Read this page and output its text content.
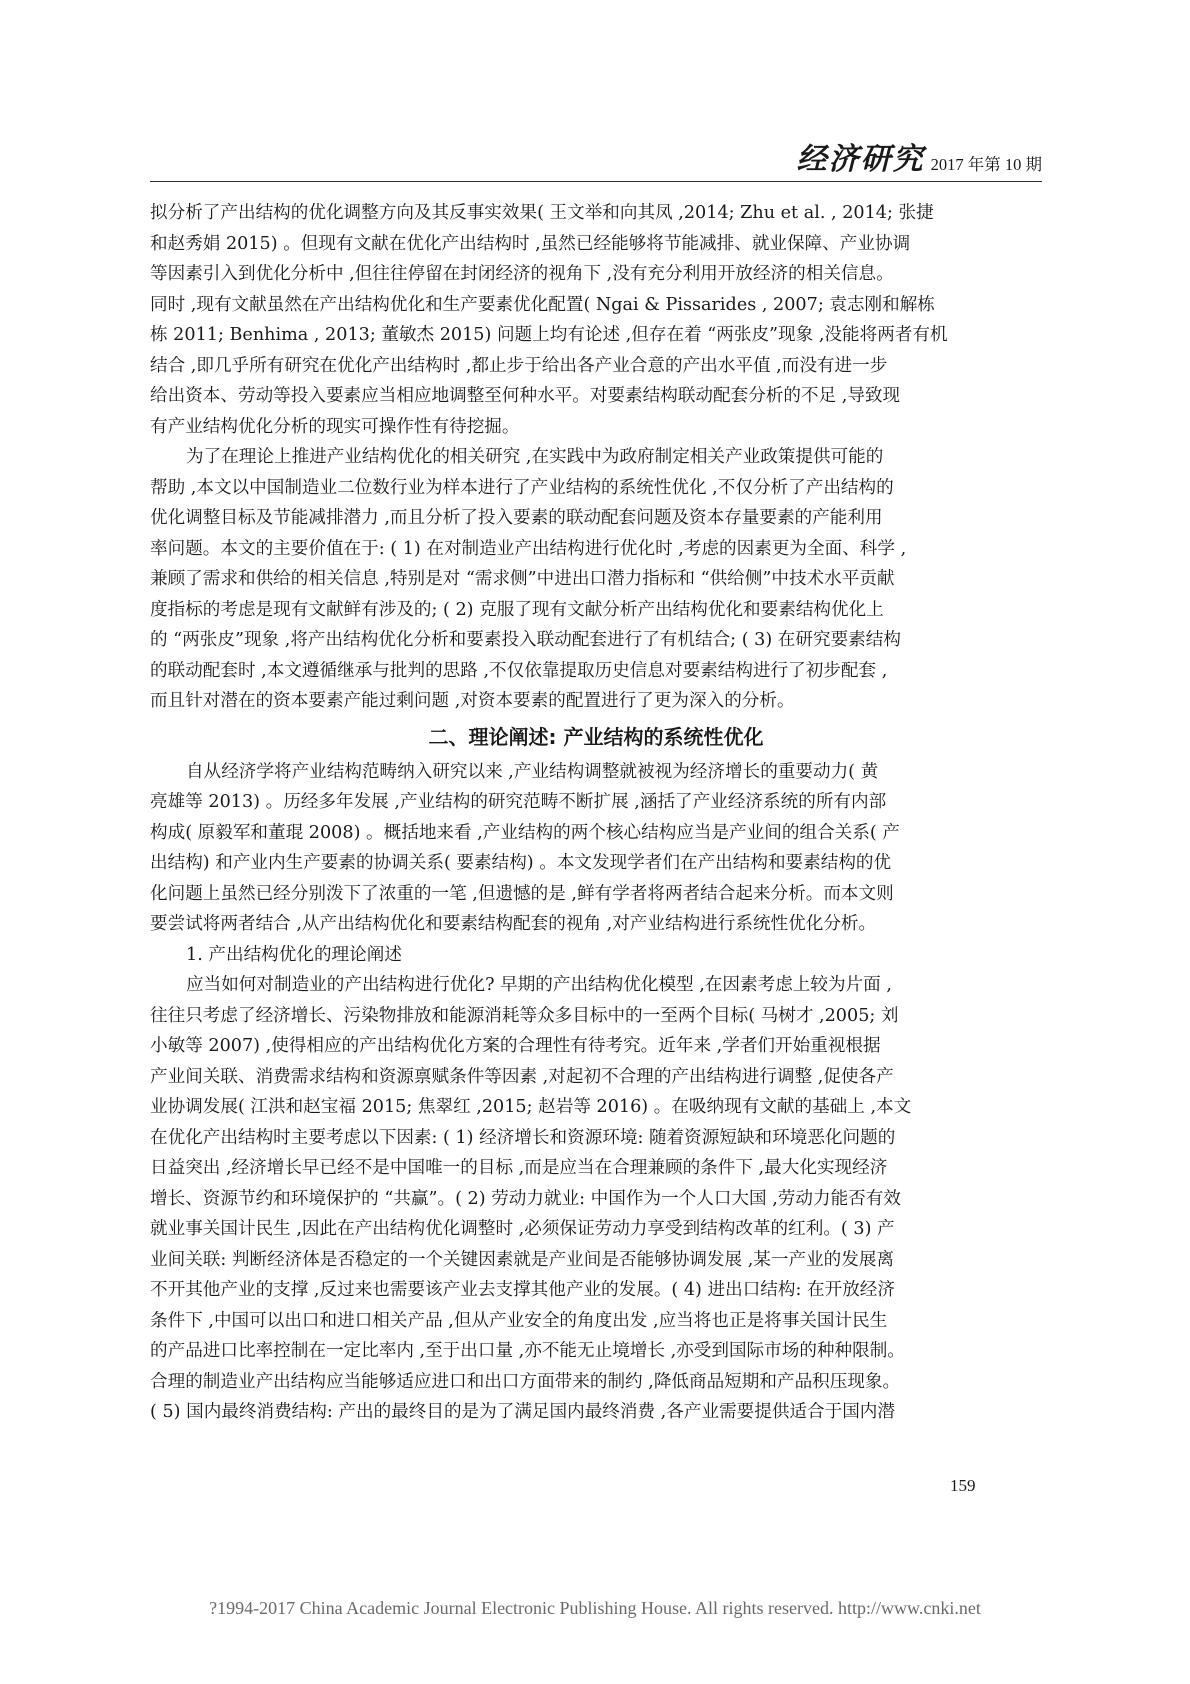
经济研究 2017 年第 10 期
拟分析了产出结构的优化调整方向及其反事实效果( 王文举和向其凤 ,2014; Zhu et al. , 2014; 张捷
和赵秀娟 2015) 。但现有文献在优化产出结构时 ,虽然已经能够将节能减排、就业保障、产业协调
等因素引入到优化分析中 ,但往往停留在封闭经济的视角下 ,没有充分利用开放经济的相关信息。
同时 ,现有文献虽然在产出结构优化和生产要素优化配置( Ngai & Pissarides , 2007; 袁志刚和解栋
栋 2011; Benhima , 2013; 董敏杰 2015) 问题上均有论述 ,但存在着 “两张皮”现象 ,没能将两者有机
结合 ,即几乎所有研究在优化产出结构时 ,都止步于给出各产业合意的产出水平值 ,而没有进一步
给出资本、劳动等投入要素应当相应地调整至何种水平。对要素结构联动配套分析的不足 ,导致现
有产业结构优化分析的现实可操作性有待挖掘。
为了在理论上推进产业结构优化的相关研究 ,在实践中为政府制定相关产业政策提供可能的
帮助 ,本文以中国制造业二位数行业为样本进行了产业结构的系统性优化 ,不仅分析了产出结构的
优化调整目标及节能减排潜力 ,而且分析了投入要素的联动配套问题及资本存量要素的产能利用
率问题。本文的主要价值在于: ( 1) 在对制造业产出结构进行优化时 ,考虑的因素更为全面、科学 ,
兼顾了需求和供给的相关信息 ,特别是对 “需求侧”中进出口潜力指标和 “供给侧”中技术水平贡献
度指标的考虑是现有文献鲜有涉及的; ( 2) 克服了现有文献分析产出结构优化和要素结构优化上
的 “两张皮”现象 ,将产出结构优化分析和要素投入联动配套进行了有机结合; ( 3) 在研究要素结构
的联动配套时 ,本文遵循继承与批判的思路 ,不仅依靠提取历史信息对要素结构进行了初步配套 ,
而且针对潜在的资本要素产能过剩问题 ,对资本要素的配置进行了更为深入的分析。
二、理论阐述: 产业结构的系统性优化
自从经济学将产业结构范畴纳入研究以来 ,产业结构调整就被视为经济增长的重要动力( 黄
亮雄等 2013) 。历经多年发展 ,产业结构的研究范畴不断扩展 ,涵括了产业经济系统的所有内部
构成( 原毅军和董琨 2008) 。概括地来看 ,产业结构的两个核心结构应当是产业间的组合关系( 产
出结构) 和产业内生产要素的协调关系( 要素结构) 。本文发现学者们在产出结构和要素结构的优
化问题上虽然已经分别泼下了浓重的一笔 ,但遗憾的是 ,鲜有学者将两者结合起来分析。而本文则
要尝试将两者结合 ,从产出结构优化和要素结构配套的视角 ,对产业结构进行系统性优化分析。
1. 产出结构优化的理论阐述
应当如何对制造业的产出结构进行优化? 早期的产出结构优化模型 ,在因素考虑上较为片面 ,
往往只考虑了经济增长、污染物排放和能源消耗等众多目标中的一至两个目标( 马树才 ,2005; 刘
小敏等 2007) ,使得相应的产出结构优化方案的合理性有待考究。近年来 ,学者们开始重视根据
产业间关联、消费需求结构和资源禀赋条件等因素 ,对起初不合理的产出结构进行调整 ,促使各产
业协调发展( 江洪和赵宝福 2015; 焦翠红 ,2015; 赵岩等 2016) 。在吸纳现有文献的基础上 ,本文
在优化产出结构时主要考虑以下因素: ( 1) 经济增长和资源环境: 随着资源短缺和环境恶化问题的
日益突出 ,经济增长早已经不是中国唯一的目标 ,而是应当在合理兼顾的条件下 ,最大化实现经济
增长、资源节约和环境保护的 “共赢”。( 2) 劳动力就业: 中国作为一个人口大国 ,劳动力能否有效
就业事关国计民生 ,因此在产出结构优化调整时 ,必须保证劳动力享受到结构改革的红利。( 3) 产
业间关联: 判断经济体是否稳定的一个关键因素就是产业间是否能够协调发展 ,某一产业的发展离
不开其他产业的支撑 ,反过来也需要该产业去支撑其他产业的发展。( 4) 进出口结构: 在开放经济
条件下 ,中国可以出口和进口相关产品 ,但从产业安全的角度出发 ,应当将也正是将事关国计民生
的产品进口比率控制在一定比率内 ,至于出口量 ,亦不能无止境增长 ,亦受到国际市场的种种限制。
合理的制造业产出结构应当能够适应进口和出口方面带来的制约 ,降低商品短期和产品积压现象。
( 5) 国内最终消费结构: 产出的最终目的是为了满足国内最终消费 ,各产业需要提供适合于国内潜
159
?1994-2017 China Academic Journal Electronic Publishing House. All rights reserved. http://www.cnki.net
